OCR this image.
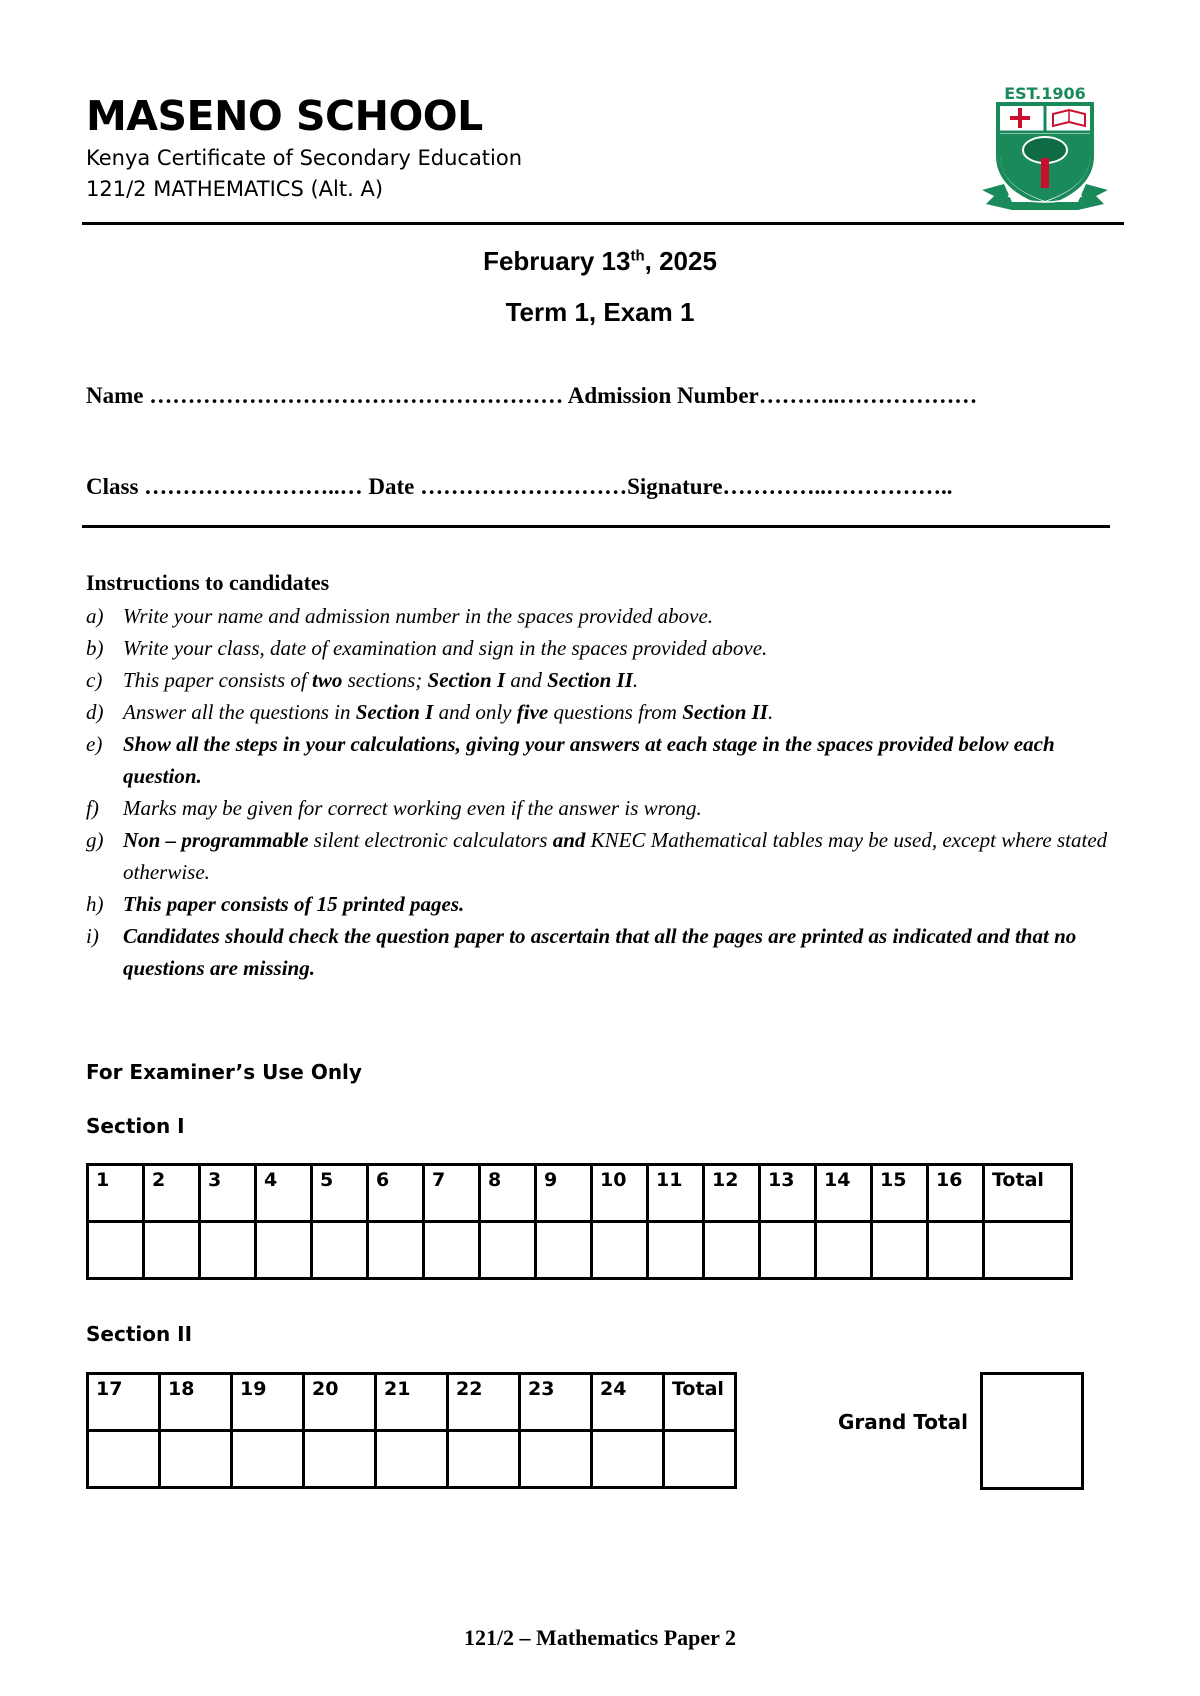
MASENO SCHOOL
Kenya Certificate of Secondary Education
121/2 MATHEMATICS (Alt. A)
EST.1906
February 13th, 2025
Term 1, Exam 1
Name ……………………………………………… Admission Number………..………………
Class ……………………..… Date ………………………Signature…………..……………..
Instructions to candidates
a) Write your name and admission number in the spaces provided above.
b) Write your class, date of examination and sign in the spaces provided above.
c) This paper consists of two sections; Section I and Section II.
d) Answer all the questions in Section I and only five questions from Section II.
e) Show all the steps in your calculations, giving your answers at each stage in the spaces provided below each question.
f)	Marks may be given for correct working even if the answer is wrong.
g) Non – programmable silent electronic calculators and KNEC Mathematical tables may be used, except where stated otherwise.
h) This paper consists of 15 printed pages.
i)	Candidates should check the question paper to ascertain that all the pages are printed as indicated and that no questions are missing.
For Examiner’s Use Only
Section I
1	2	3	4	5	6	7	8	9	10	11	12	13	14	15	16	Total

Section II
17	18	19	20	21	22	23	24	Total

Grand Total
121/2 – Mathematics Paper 2
